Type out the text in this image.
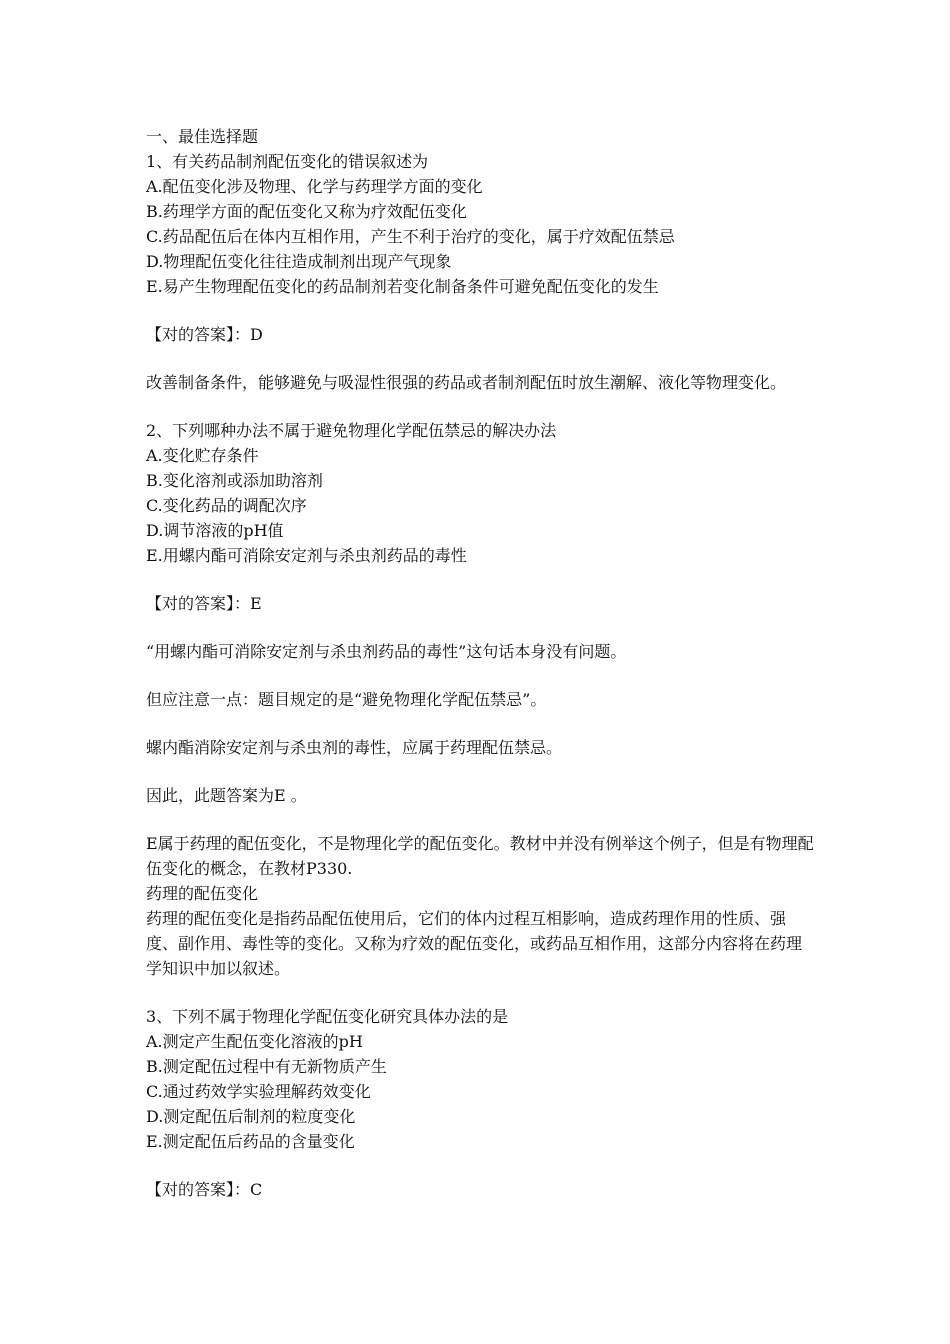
一、最佳选择题
1、有关药品制剂配伍变化的错误叙述为
A.配伍变化涉及物理、化学与药理学方面的变化
B.药理学方面的配伍变化又称为疗效配伍变化
C.药品配伍后在体内互相作用，产生不利于治疗的变化，属于疗效配伍禁忌
D.物理配伍变化往往造成制剂出现产气现象
E.易产生物理配伍变化的药品制剂若变化制备条件可避免配伍变化的发生
【对的答案】：D
改善制备条件，能够避免与吸湿性很强的药品或者制剂配伍时放生潮解、液化等物理变化。
2、下列哪种办法不属于避免物理化学配伍禁忌的解决办法
A.变化贮存条件
B.变化溶剂或添加助溶剂
C.变化药品的调配次序
D.调节溶液的pH值
E.用螺内酯可消除安定剂与杀虫剂药品的毒性
【对的答案】：E
“用螺内酯可消除安定剂与杀虫剂药品的毒性”这句话本身没有问题。
但应注意一点：题目规定的是“避免物理化学配伍禁忌”。
螺内酯消除安定剂与杀虫剂的毒性，应属于药理配伍禁忌。
因此，此题答案为E 。
E属于药理的配伍变化，不是物理化学的配伍变化。教材中并没有例举这个例子，但是有物理配伍变化的概念，在教材P330.
药理的配伍变化
药理的配伍变化是指药品配伍使用后，它们的体内过程互相影响，造成药理作用的性质、强度、副作用、毒性等的变化。又称为疗效的配伍变化，或药品互相作用，这部分内容将在药理学知识中加以叙述。
3、下列不属于物理化学配伍变化研究具体办法的是
A.测定产生配伍变化溶液的pH
B.测定配伍过程中有无新物质产生
C.通过药效学实验理解药效变化
D.测定配伍后制剂的粒度变化
E.测定配伍后药品的含量变化
【对的答案】：C
